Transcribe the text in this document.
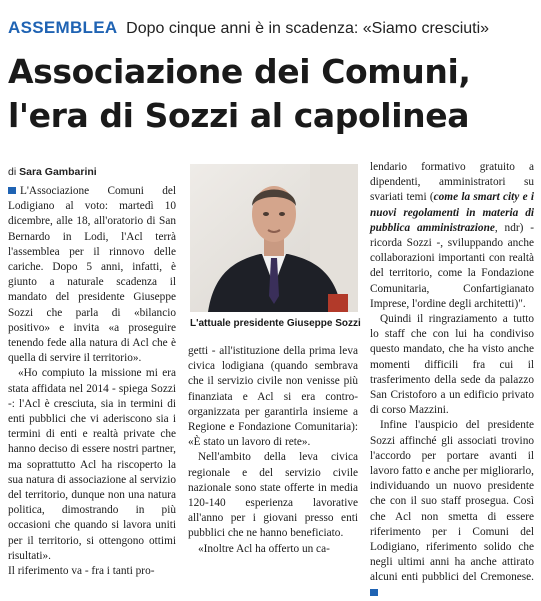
ASSEMBLEA Dopo cinque anni è in scadenza: «Siamo cresciuti»
Associazione dei Comuni,
l'era di Sozzi al capolinea
di Sara Gambarini

L'Associazione Comuni del Lodigiano al voto: martedì 10 dicembre, alle 18, all'oratorio di San Bernardo in Lodi, l'Acl terrà l'assemblea per il rinnovo delle cariche. Dopo 5 anni, infatti, è giunto a naturale scadenza il mandato del presidente Giuseppe Sozzi che parla di «bilancio positivo» e invita «a proseguire tenendo fede alla natura di Acl che è quella di servire il territorio».

«Ho compiuto la missione mi era stata affidata nel 2014 - spiega Sozzi -: l'Acl è cresciuta, sia in termini di enti pubblici che vi aderiscono sia i termini di enti e realtà private che hanno deciso di essere nostri partner, ma soprattutto Acl ha riscoperto la sua natura di associazione al servizio del territorio, dunque non una natura politica, dimostrando in più occasioni che quando si lavora uniti per il territorio, si ottengono ottimi risultati».

Il riferimento va - fra i tanti pro-

L'attuale presidente Giuseppe Sozzi

getti - all'istituzione della prima leva civica lodigiana (quando sembrava che il servizio civile non venisse più finanziata e Acl si era contro-organizzata per garantirla insieme a Regione e Fondazione Comunitaria): «È stato un lavoro di rete».

Nell'ambito della leva civica regionale e del servizio civile nazionale sono state offerte in media 120-140 esperienza lavorative all'anno per i giovani presso enti pubblici che ne hanno beneficiato.

«Inoltre Acl ha offerto un ca-

lendario formativo gratuito a dipendenti, amministratori su svariati temi (come la smart city e i nuovi regolamenti in materia di pubblica amministrazione, ndr) - ricorda Sozzi -, sviluppando anche collaborazioni importanti con realtà del territorio, come la Fondazione Comunitaria, Confartigianato Imprese, l'ordine degli architetti)".

Quindi il ringraziamento a tutto lo staff che con lui ha condiviso questo mandato, che ha visto anche momenti difficili fra cui il trasferimento della sede da palazzo San Cristoforo a un edificio privato di corso Mazzini.

Infine l'auspicio del presidente Sozzi affinché gli associati trovino l'accordo per portare avanti il lavoro fatto e anche per migliorarlo, individuando un nuovo presidente che con il suo staff prosegua. Così che Acl non smetta di essere riferimento per i Comuni del Lodigiano, riferimento solido che negli ultimi anni ha anche attirato alcuni enti pubblici del Cremonese.
